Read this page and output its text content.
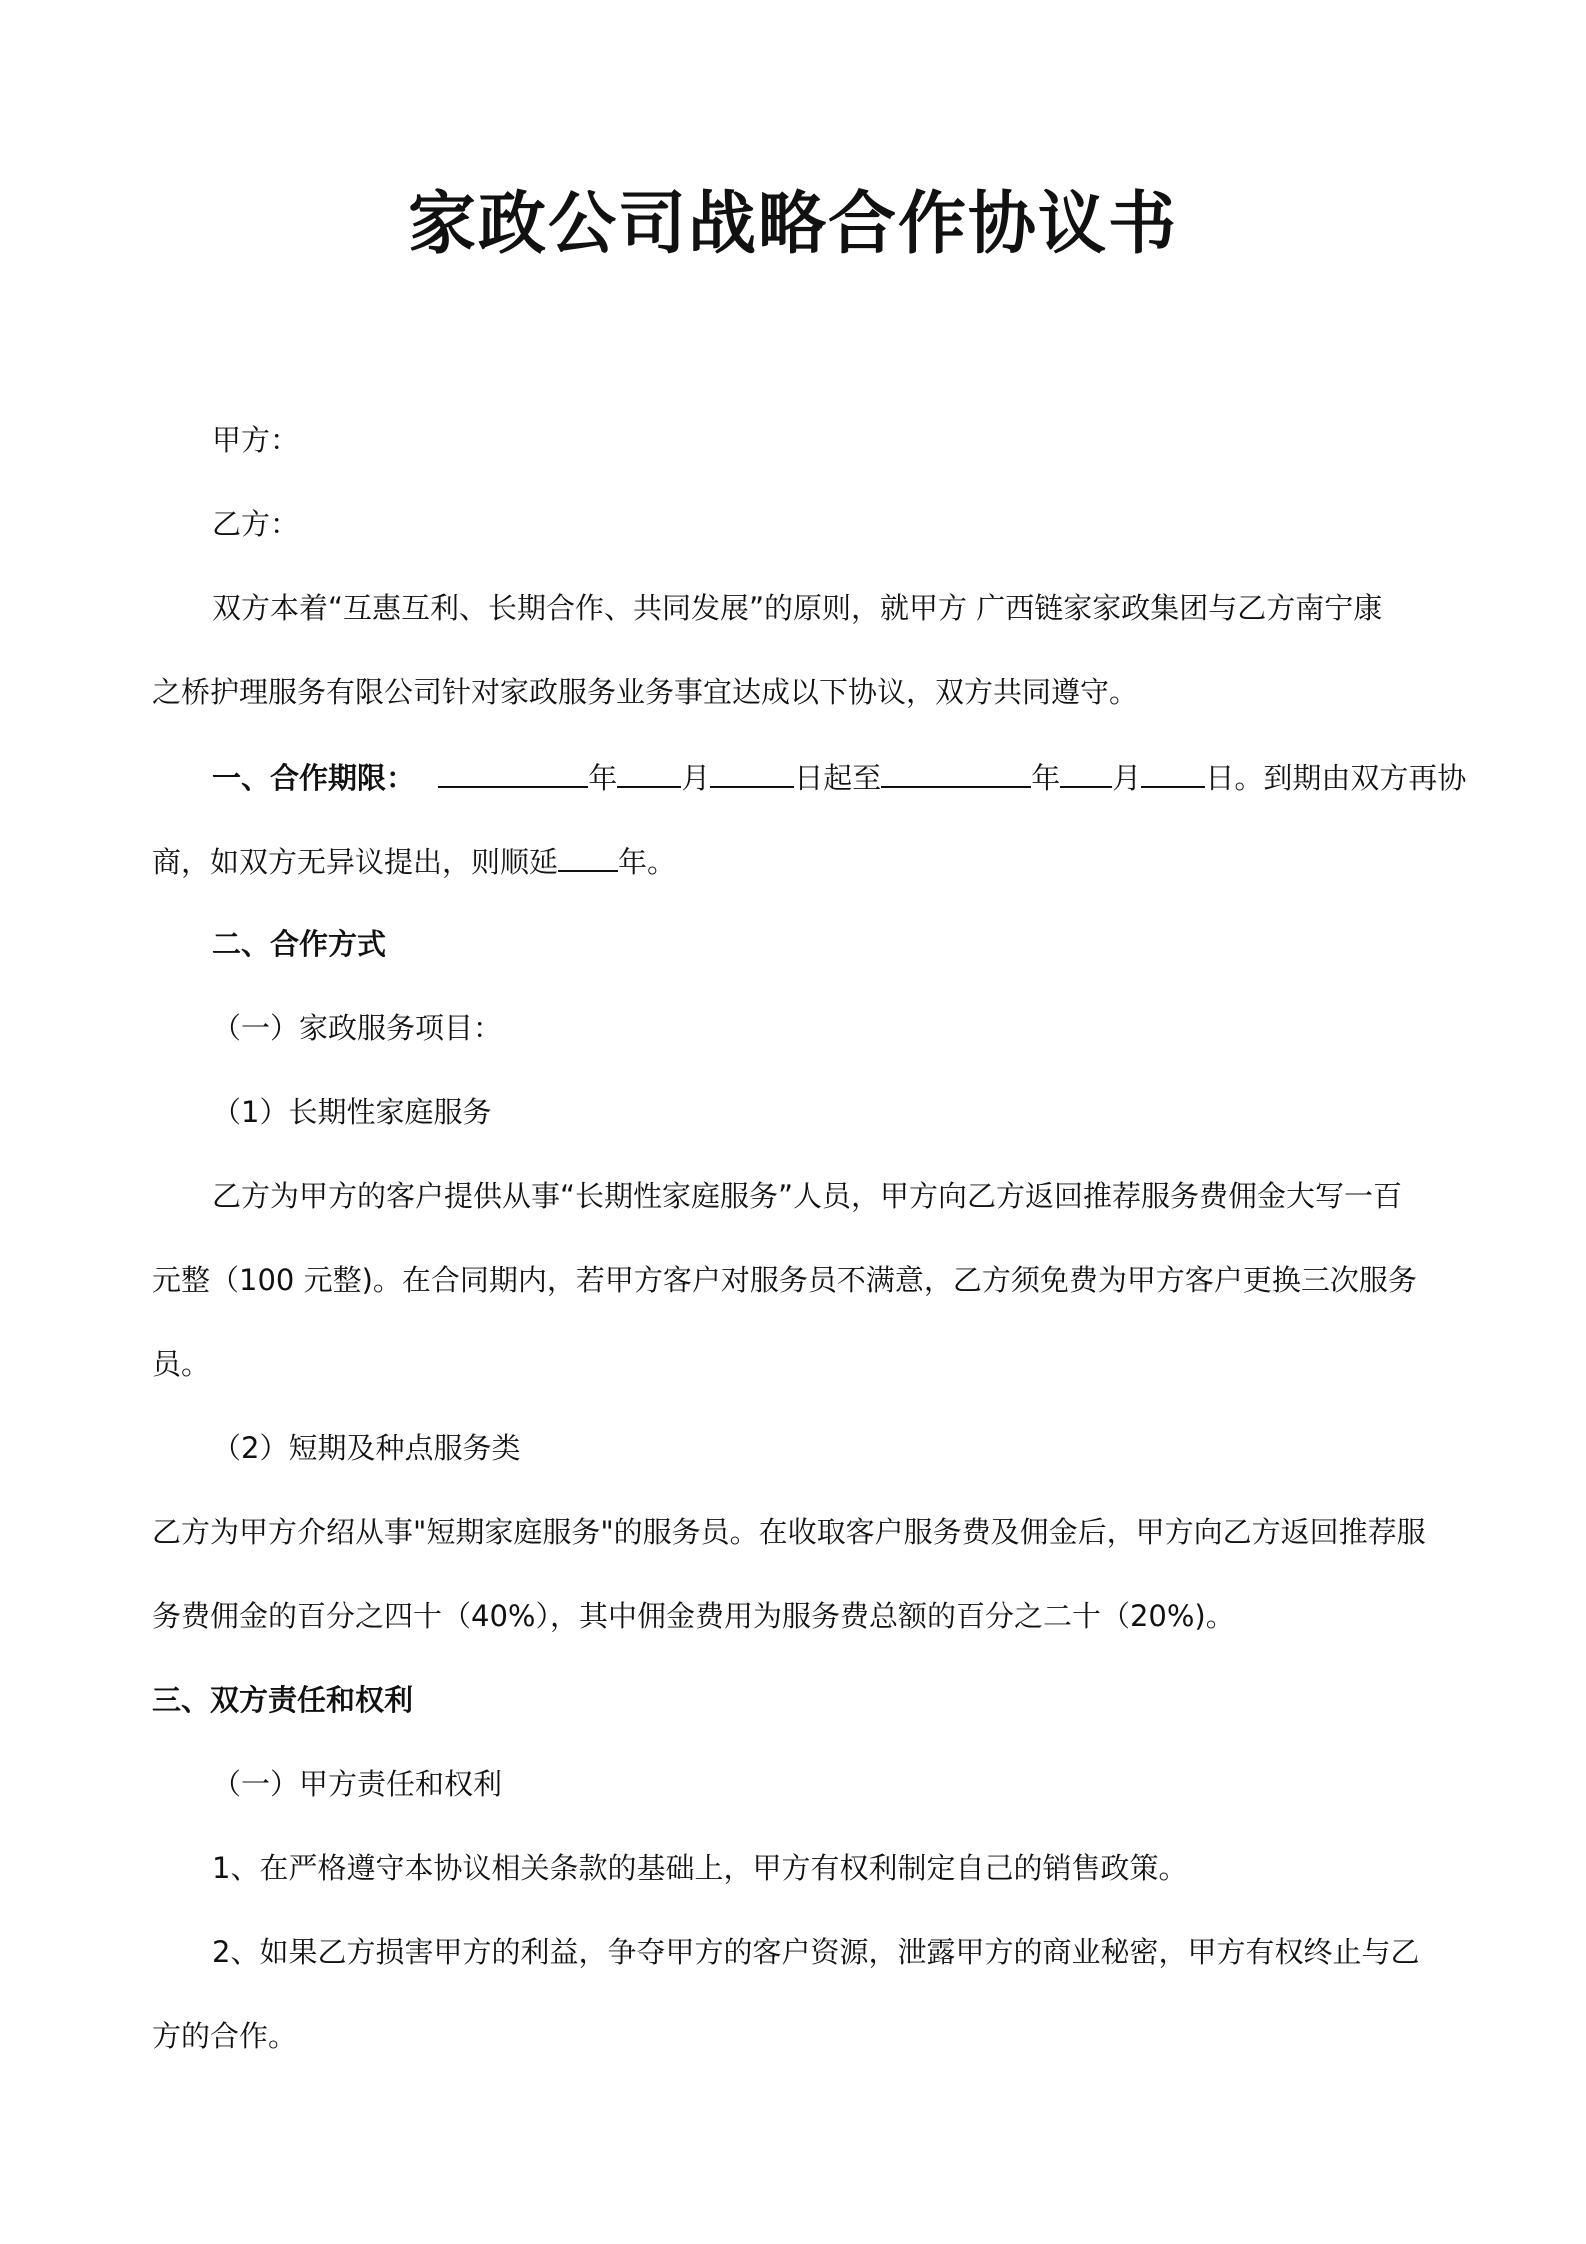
家政公司战略合作协议书

甲方：

乙方：

双方本着“互惠互利、长期合作、共同发展”的原则，就甲方 广西链家家政集团与乙方南宁康

之桥护理服务有限公司针对家政服务业务事宜达成以下协议，双方共同遵守。

一、合作期限：	年 月	日起至	年 月 日。到期由双方再协

商，如双方无异议提出，则顺延 年。

二、合作方式

（一）家政服务项目：

（1）长期性家庭服务

乙方为甲方的客户提供从事“长期性家庭服务”人员，甲方向乙方返回推荐服务费佣金大写一百

元整（100 元整)。在合同期内，若甲方客户对服务员不满意，乙方须免费为甲方客户更换三次服务

员。

（2）短期及种点服务类

乙方为甲方介绍从事"短期家庭服务"的服务员。在收取客户服务费及佣金后，甲方向乙方返回推荐服

务费佣金的百分之四十（40%），其中佣金费用为服务费总额的百分之二十（20%)。

三、双方责任和权利

（一）甲方责任和权利

1、在严格遵守本协议相关条款的基础上，甲方有权利制定自己的销售政策。

2、如果乙方损害甲方的利益，争夺甲方的客户资源，泄露甲方的商业秘密，甲方有权终止与乙

方的合作。
